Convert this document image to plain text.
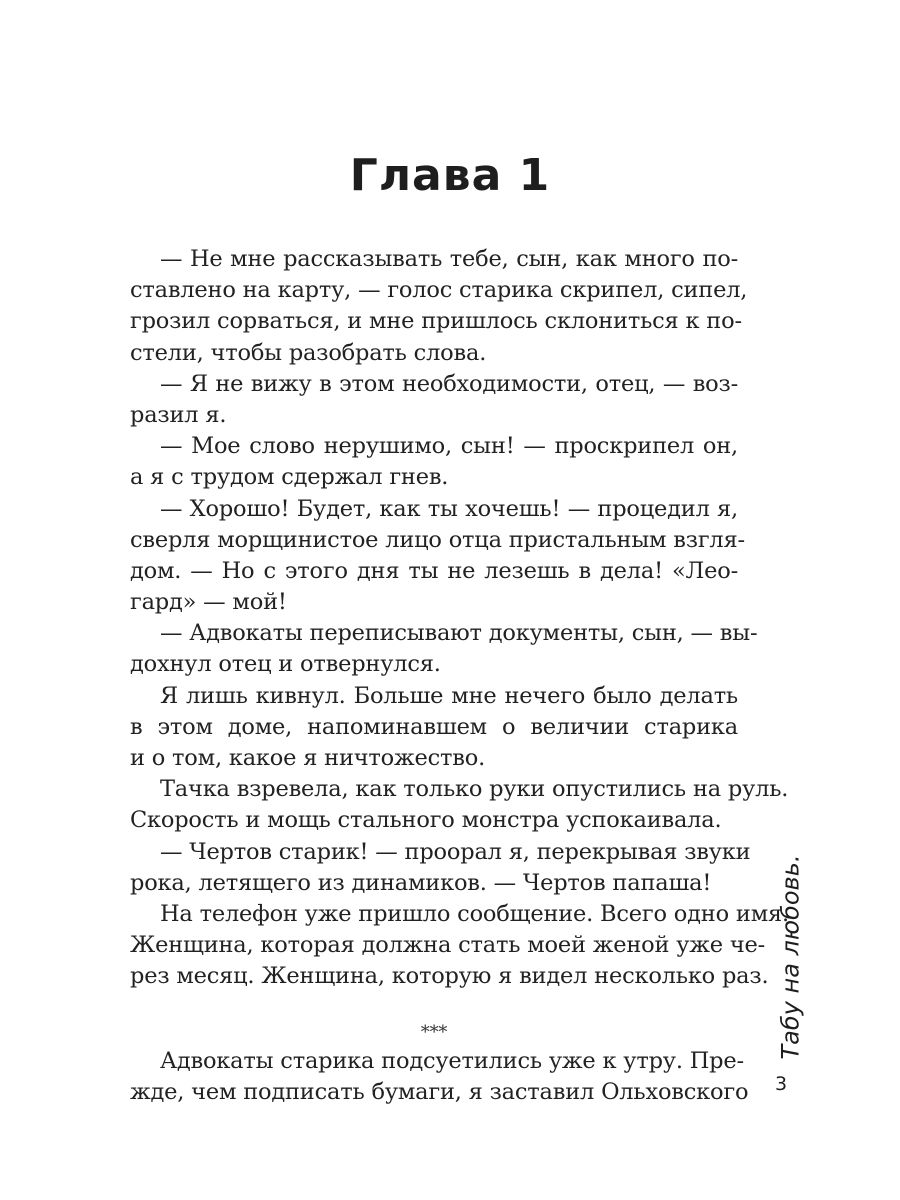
Глава 1
— Не мне рассказывать тебе, сын, как много по-
ставлено на карту, — голос старика скрипел, сипел,
грозил сорваться, и мне пришлось склониться к по-
стели, чтобы разобрать слова.
— Я не вижу в этом необходимости, отец, — воз-
разил я.
— Мое слово нерушимо, сын! — проскрипел он,
а я с трудом сдержал гнев.
— Хорошо! Будет, как ты хочешь! — процедил я,
сверля морщинистое лицо отца пристальным взгля-
дом. — Но с этого дня ты не лезешь в дела! «Лео-
гард» — мой!
— Адвокаты переписывают документы, сын, — вы-
дохнул отец и отвернулся.
Я лишь кивнул. Больше мне нечего было делать
в этом доме, напоминавшем о величии старика
и о том, какое я ничтожество.
Тачка взревела, как только руки опустились на руль.
Скорость и мощь стального монстра успокаивала.
— Чертов старик! — проорал я, перекрывая звуки
рока, летящего из динамиков. — Чертов папаша!
На телефон уже пришло сообщение. Всего одно имя.
Женщина, которая должна стать моей женой уже че-
рез месяц. Женщина, которую я видел несколько раз.
***
Адвокаты старика подсуетились уже к утру. Пре-
жде, чем подписать бумаги, я заставил Ольховского
Табу на любовь.
3
